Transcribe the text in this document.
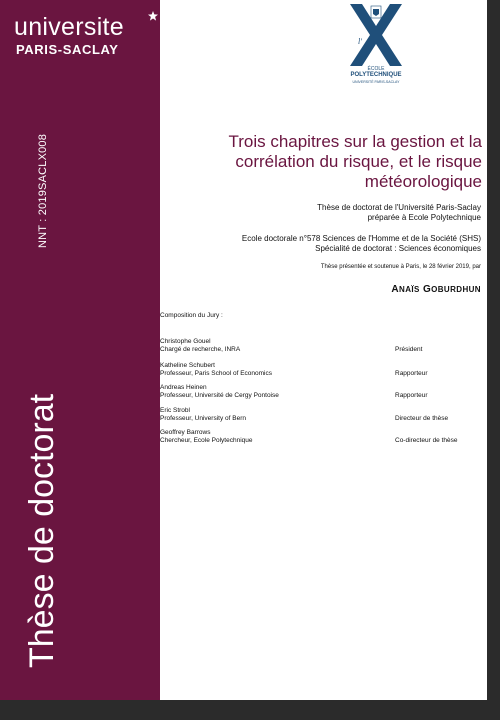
universite
PARIS-SACLAY
NNT : 2019SACLX008
Thèse de doctorat
l'
ÉCOLE
POLYTECHNIQUE
UNIVERSITÉ PARIS-SACLAY
Trois chapitres sur la gestion et la corrélation du risque, et le risque météorologique
Thèse de doctorat de l'Université Paris-Saclay
préparée à Ecole Polytechnique
Ecole doctorale n°578 Sciences de l'Homme et de la Société (SHS)
Spécialité de doctorat : Sciences économiques
Thèse présentée et soutenue à Paris, le 28 février 2019, par
ANAÏS GOBURDHUN
Composition du Jury :
Christophe Gouel
Chargé de recherche, INRA	Président
Katheline Schubert
Professeur, Paris School of Economics	Rapporteur
Andreas Heinen
Professeur, Université de Cergy Pontoise	Rapporteur
Eric Strobl
Professeur, University of Bern	Directeur de thèse
Geoffrey Barrows
Chercheur, Ecole Polytechnique	Co-directeur de thèse
